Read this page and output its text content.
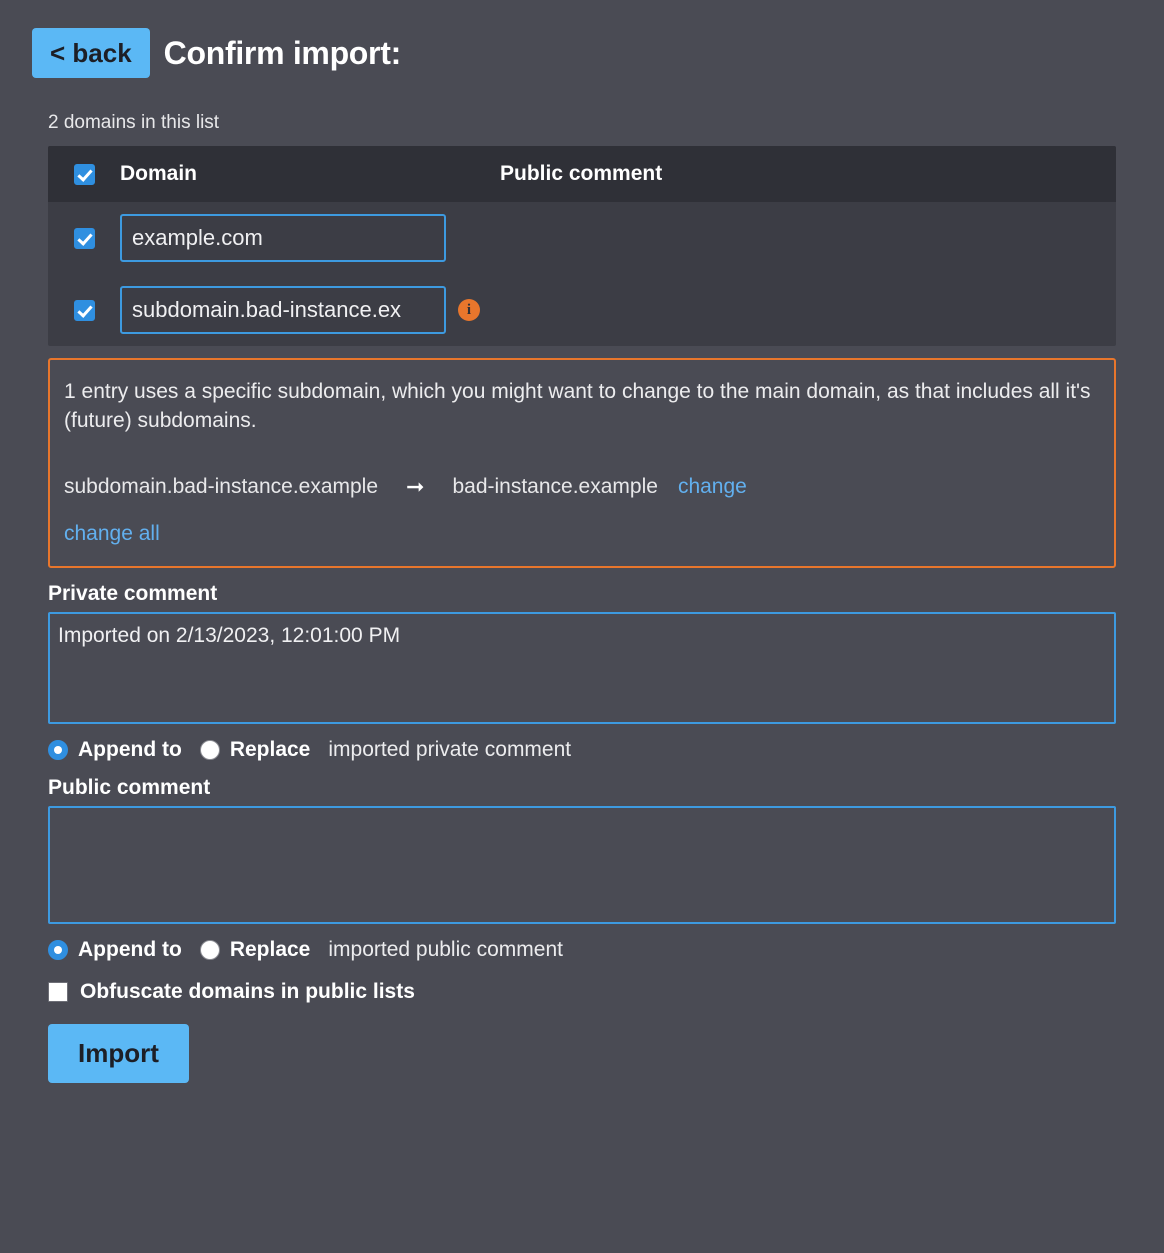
< back	Confirm import:
2 domains in this list
Domain	Public comment
example.com
subdomain.bad-instance.ex
i

1 entry uses a specific subdomain, which you might want to change to the main domain, as that includes all it's (future) subdomains.

subdomain.bad-instance.example ➞ bad-instance.example change
change all
Private comment
Imported on 2/13/2023, 12:01:00 PM
Append to Replace imported private comment
Public comment
Append to Replace imported public comment
Obfuscate domains in public lists
Import
